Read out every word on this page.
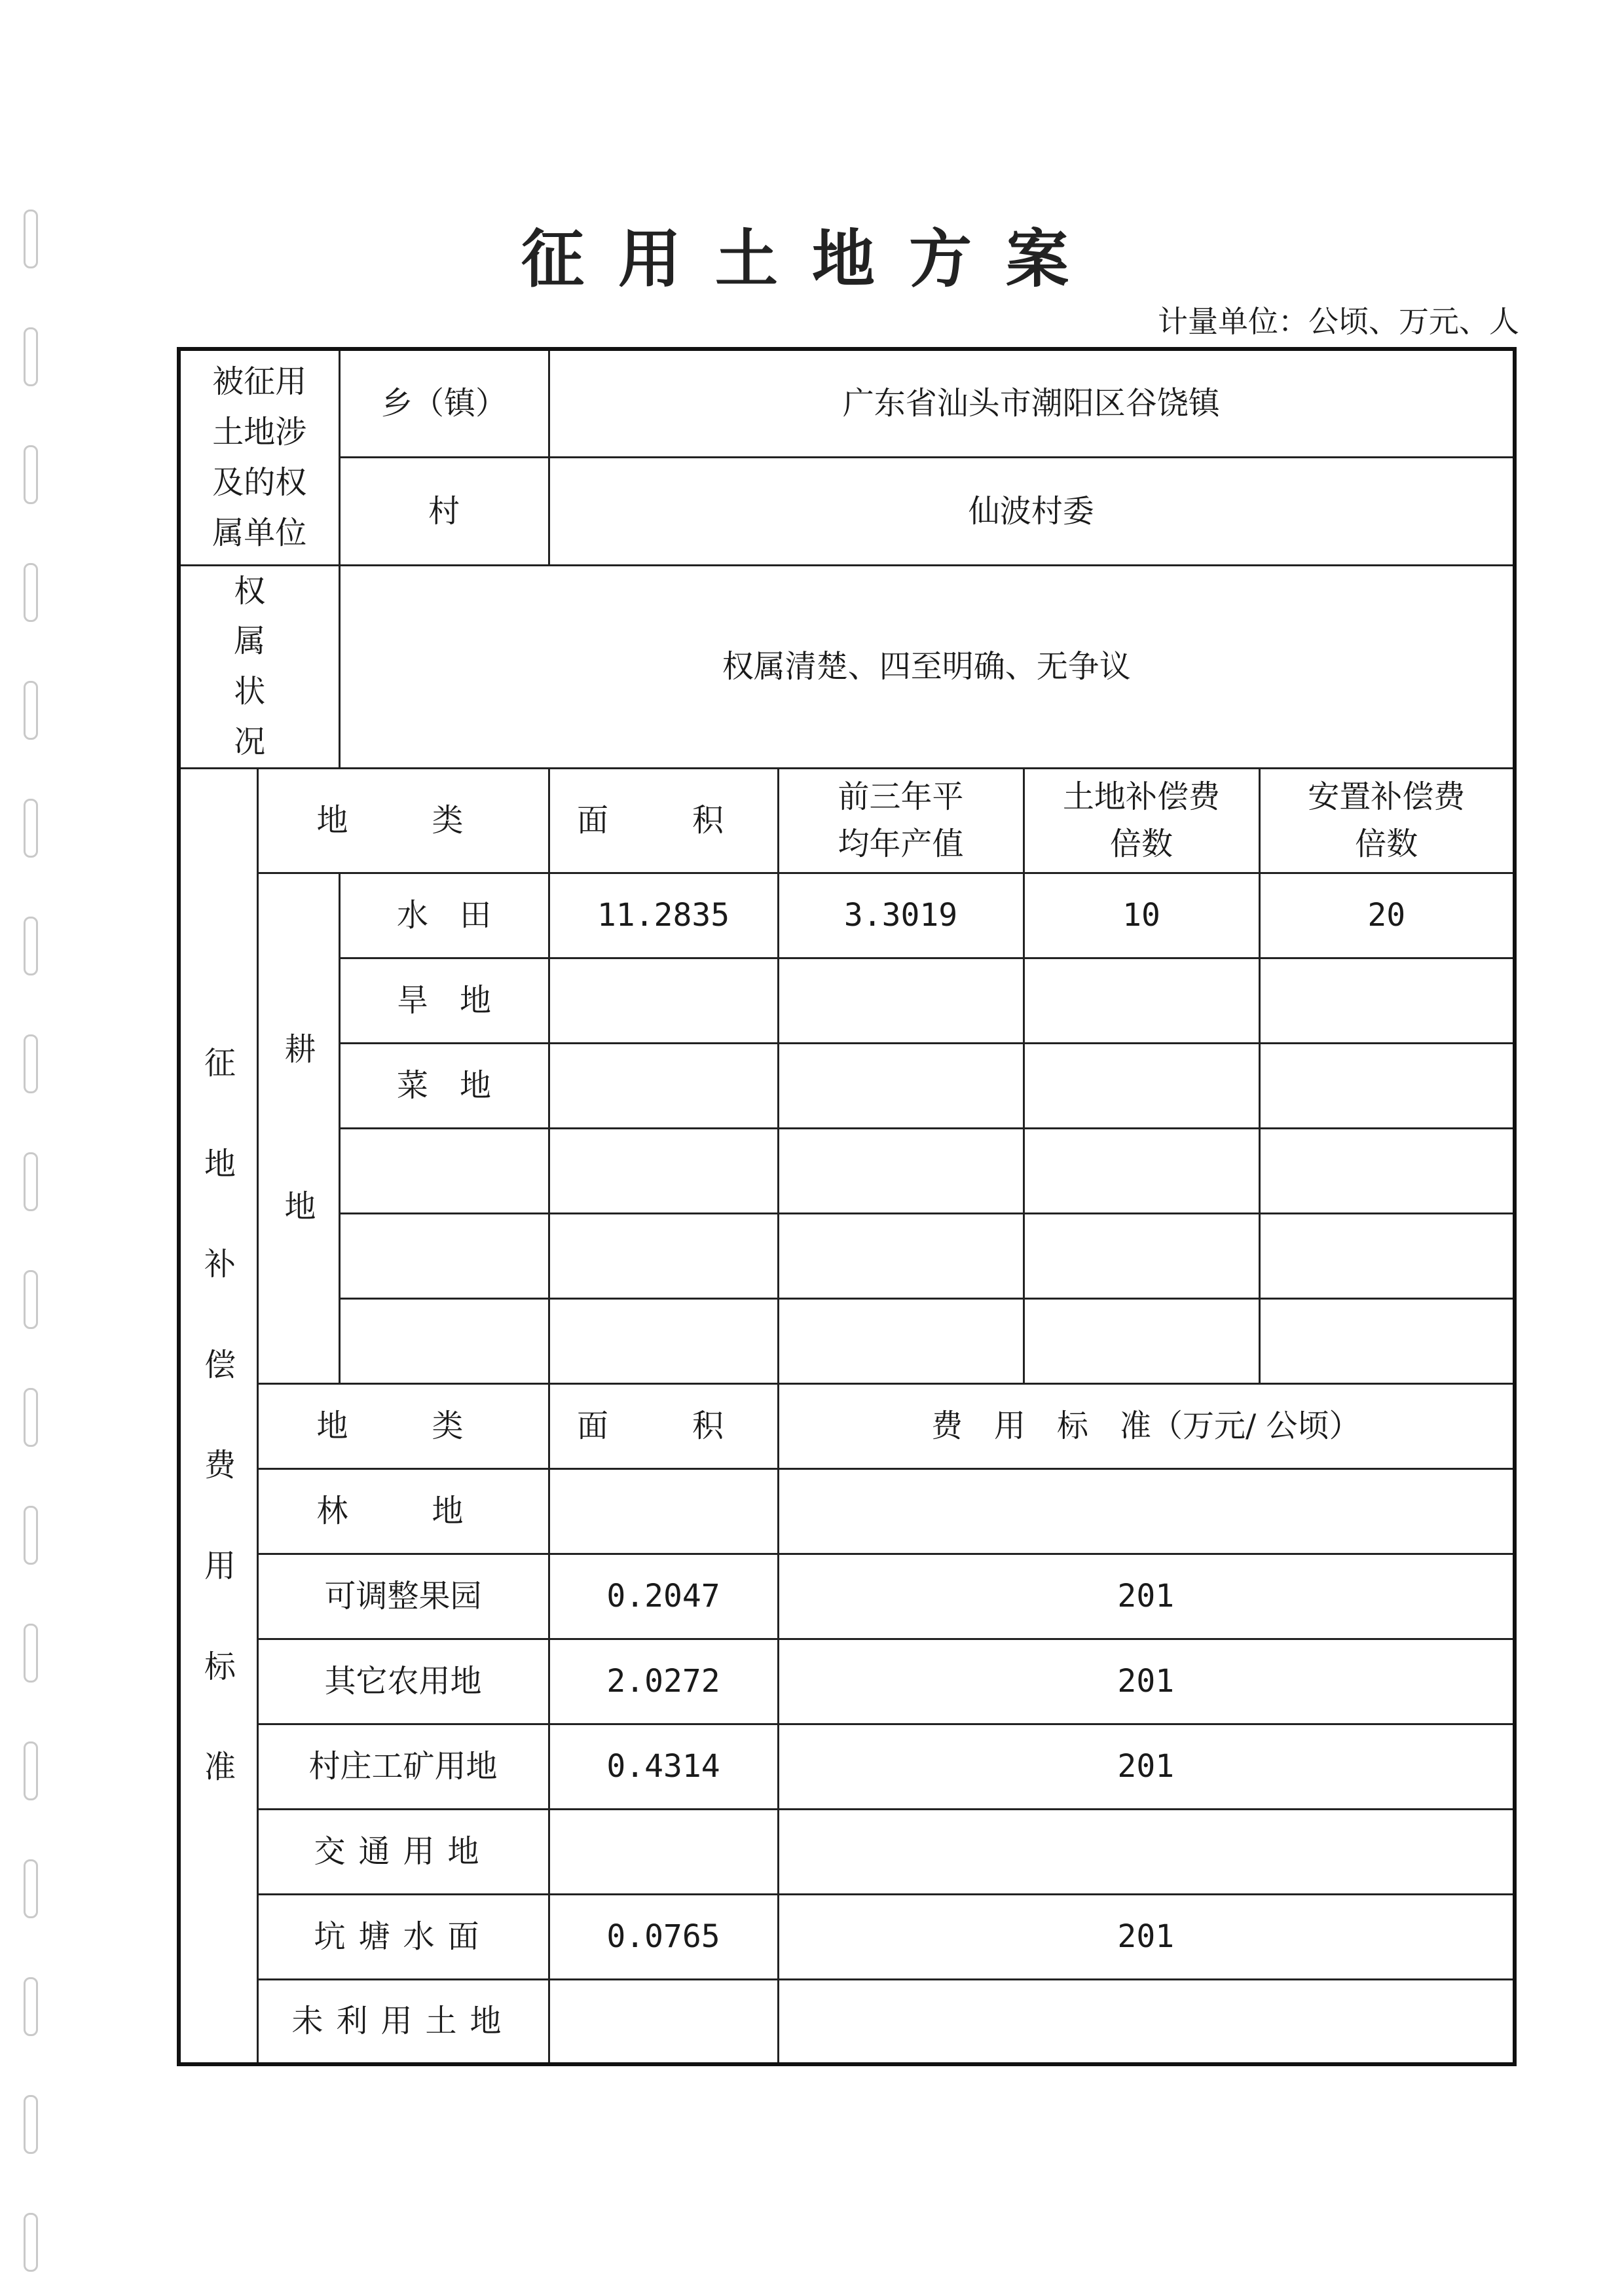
征用土地方案
计量单位：公顷、万元、人
被征用土地涉及的权属单位		乡（镇）	广东省汕头市潮阳区谷饶镇			
		村	仙波村委			
权属状况		权属清楚、四至明确、无争议				
征地补偿费用标准	地　类		面　积	前三年平均年产值	土地补偿费倍数	安置补偿费倍数
	耕地	水　田	11.2835	3.3019	10	20
		旱　地				
		菜　地				

	地　类		面　积	费　用　标　准（万元/ 公顷）		
	林　地					
	可调整果园		0.2047	201		
	其它农用地		2.0272	201		
	村庄工矿用地		0.4314	201		
	交通用地					
	坑塘水面		0.0765	201		
	未利用土地					
